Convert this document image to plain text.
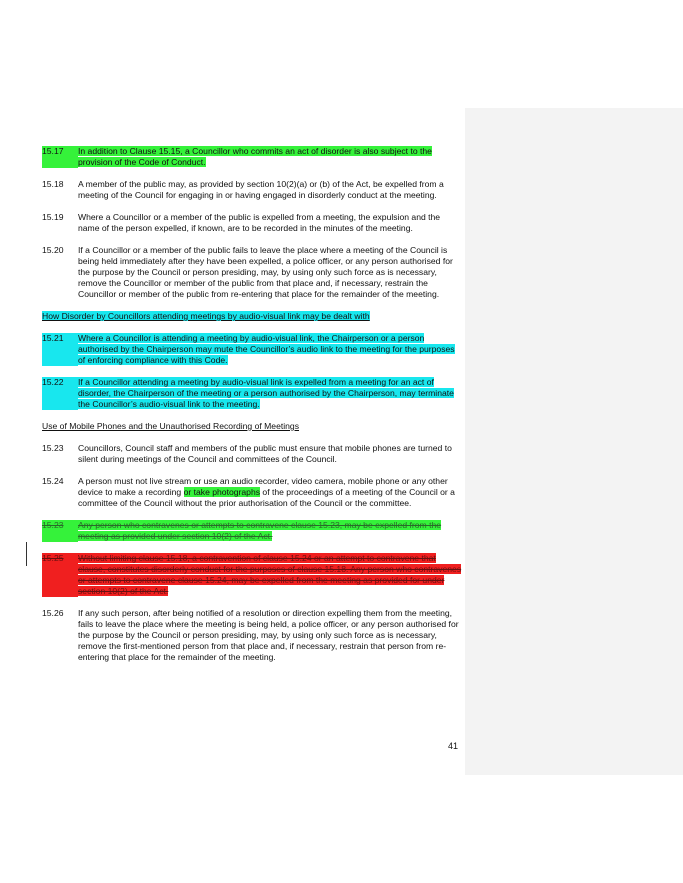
15.17	In addition to Clause 15.15, a Councillor who commits an act of disorder is also subject to the provision of the Code of Conduct.
15.18	A member of the public may, as provided by section 10(2)(a) or (b) of the Act, be expelled from a meeting of the Council for engaging in or having engaged in disorderly conduct at the meeting.
15.19	Where a Councillor or a member of the public is expelled from a meeting, the expulsion and the name of the person expelled, if known, are to be recorded in the minutes of the meeting.
15.20	If a Councillor or a member of the public fails to leave the place where a meeting of the Council is being held immediately after they have been expelled, a police officer, or any person authorised for the purpose by the Council or person presiding, may, by using only such force as is necessary, remove the Councillor or member of the public from that place and, if necessary, restrain the Councillor or member of the public from re-entering that place for the remainder of the meeting.
How Disorder by Councillors attending meetings by audio-visual link may be dealt with
15.21	Where a Councillor is attending a meeting by audio-visual link, the Chairperson or a person authorised by the Chairperson may mute the Councillor’s audio link to the meeting for the purposes of enforcing compliance with this Code.
15.22	If a Councillor attending a meeting by audio-visual link is expelled from a meeting for an act of disorder, the Chairperson of the meeting or a person authorised by the Chairperson, may terminate the Councillor’s audio-visual link to the meeting.
Use of Mobile Phones and the Unauthorised Recording of Meetings
15.23	Councillors, Council staff and members of the public must ensure that mobile phones are turned to silent during meetings of the Council and committees of the Council.
15.24	A person must not live stream or use an audio recorder, video camera, mobile phone or any other device to make a recording or take photographs of the proceedings of a meeting of the Council or a committee of the Council without the prior authorisation of the Council or the committee.
15.23	Any person who contravenes or attempts to contravene clause 15.23, may be expelled from the meeting as provided under section 10(2) of the Act.
15.25	Without limiting clause 15.18, a contravention of clause 15.24 or an attempt to contravene that clause, constitutes disorderly conduct for the purposes of clause 15.18. Any person who contravenes or attempts to contravene clause 15.24, may be expelled from the meeting as provided for under section 10(2) of the Act.
15.26	If any such person, after being notified of a resolution or direction expelling them from the meeting, fails to leave the place where the meeting is being held, a police officer, or any person authorised for the purpose by the Council or person presiding, may, by using only such force as is necessary, remove the first-mentioned person from that place and, if necessary, restrain that person from re-entering that place for the remainder of the meeting.
41
